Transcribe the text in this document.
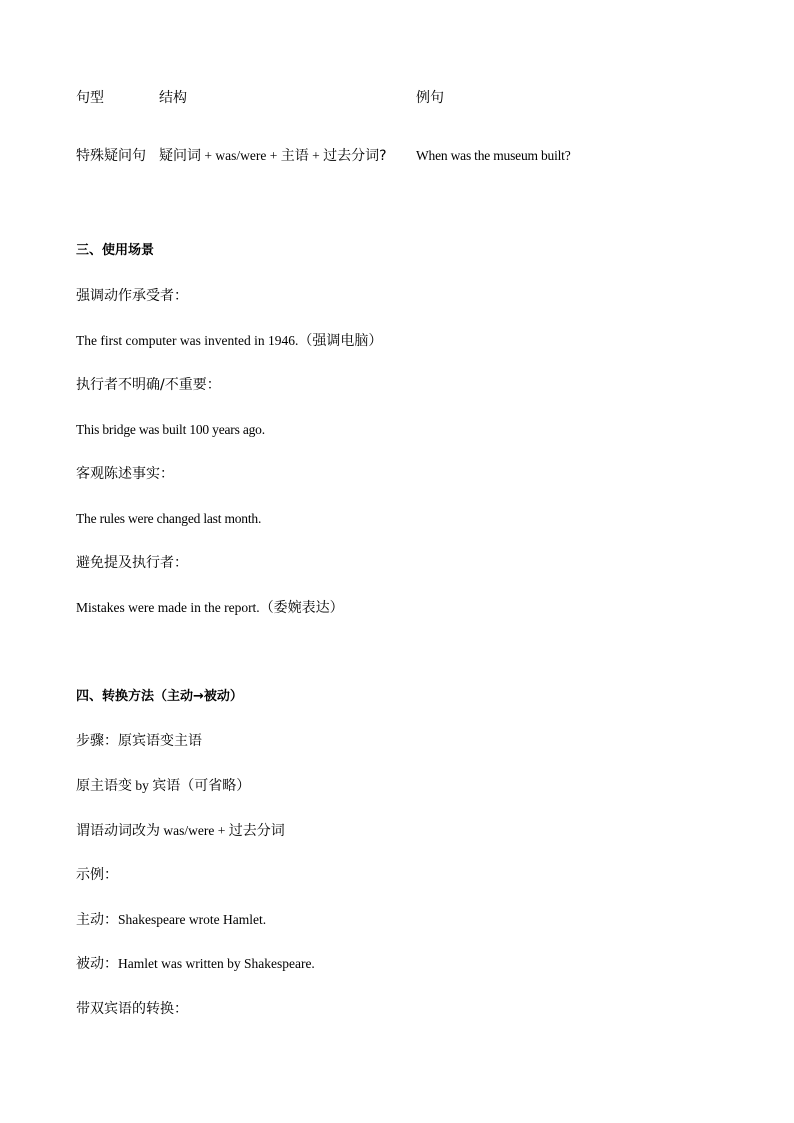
句型	结构	例句
特殊疑问句 疑问词 + was/were + 主语 + 过去分词? When was the museum built?
三、使用场景
强调动作承受者：
The first computer was invented in 1946.（强调电脑）
执行者不明确/不重要：
This bridge was built 100 years ago.
客观陈述事实：
The rules were changed last month.
避免提及执行者：
Mistakes were made in the report.（委婉表达）
四、转换方法（主动→被动）
步骤：原宾语变主语
原主语变 by 宾语（可省略）
谓语动词改为 was/were + 过去分词
示例：
主动：Shakespeare wrote Hamlet.
被动：Hamlet was written by Shakespeare.
带双宾语的转换：
